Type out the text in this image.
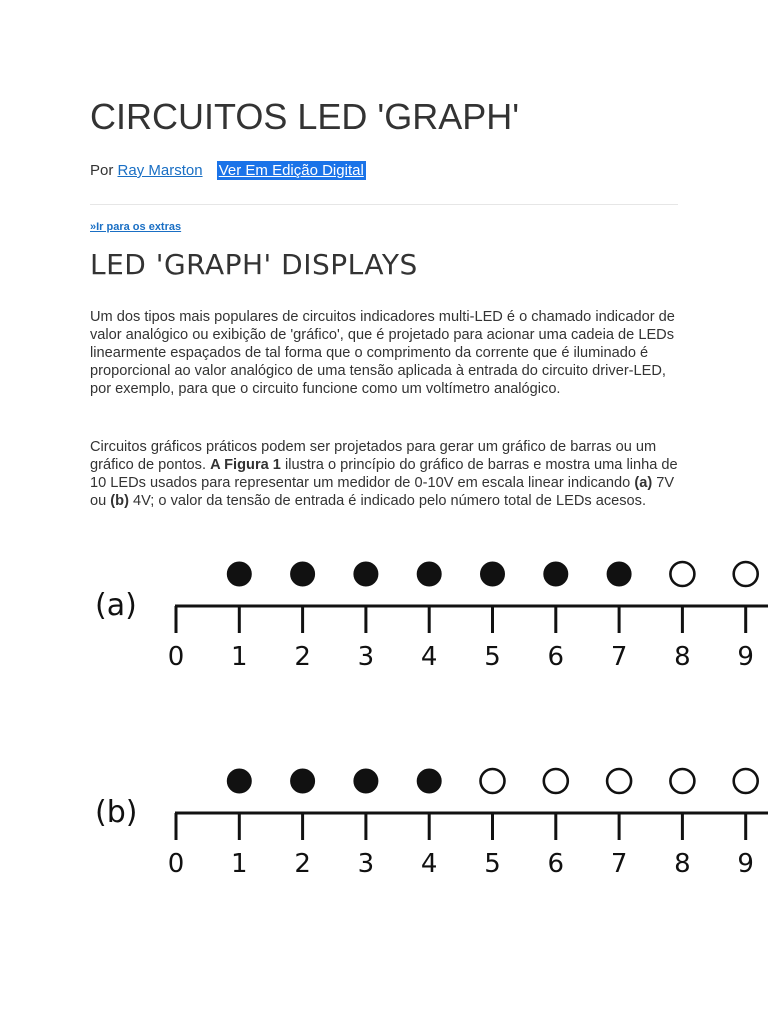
CIRCUITOS LED 'GRAPH'
Por Ray Marston Ver Em Edição Digital
»Ir para os extras
LED 'GRAPH' DISPLAYS

Um dos tipos mais populares de circuitos indicadores multi-LED é o chamado indicador de valor analógico ou exibição de 'gráfico', que é projetado para acionar uma cadeia de LEDs linearmente espaçados de tal forma que o comprimento da corrente que é iluminado é proporcional ao valor analógico de uma tensão aplicada à entrada do circuito driver-LED, por exemplo, para que o circuito funcione como um voltímetro analógico.

Circuitos gráficos práticos podem ser projetados para gerar um gráfico de barras ou um gráfico de pontos. A Figura 1 ilustra o princípio do gráfico de barras e mostra uma linha de 10 LEDs usados para representar um medidor de 0-10V em escala linear indicando (a) 7V ou (b) 4V; o valor da tensão de entrada é indicado pelo número total de LEDs acesos.

(a)
0 1 2 3 4 5 6 7 8 9
(b)
0 1 2 3 4 5 6 7 8 9
